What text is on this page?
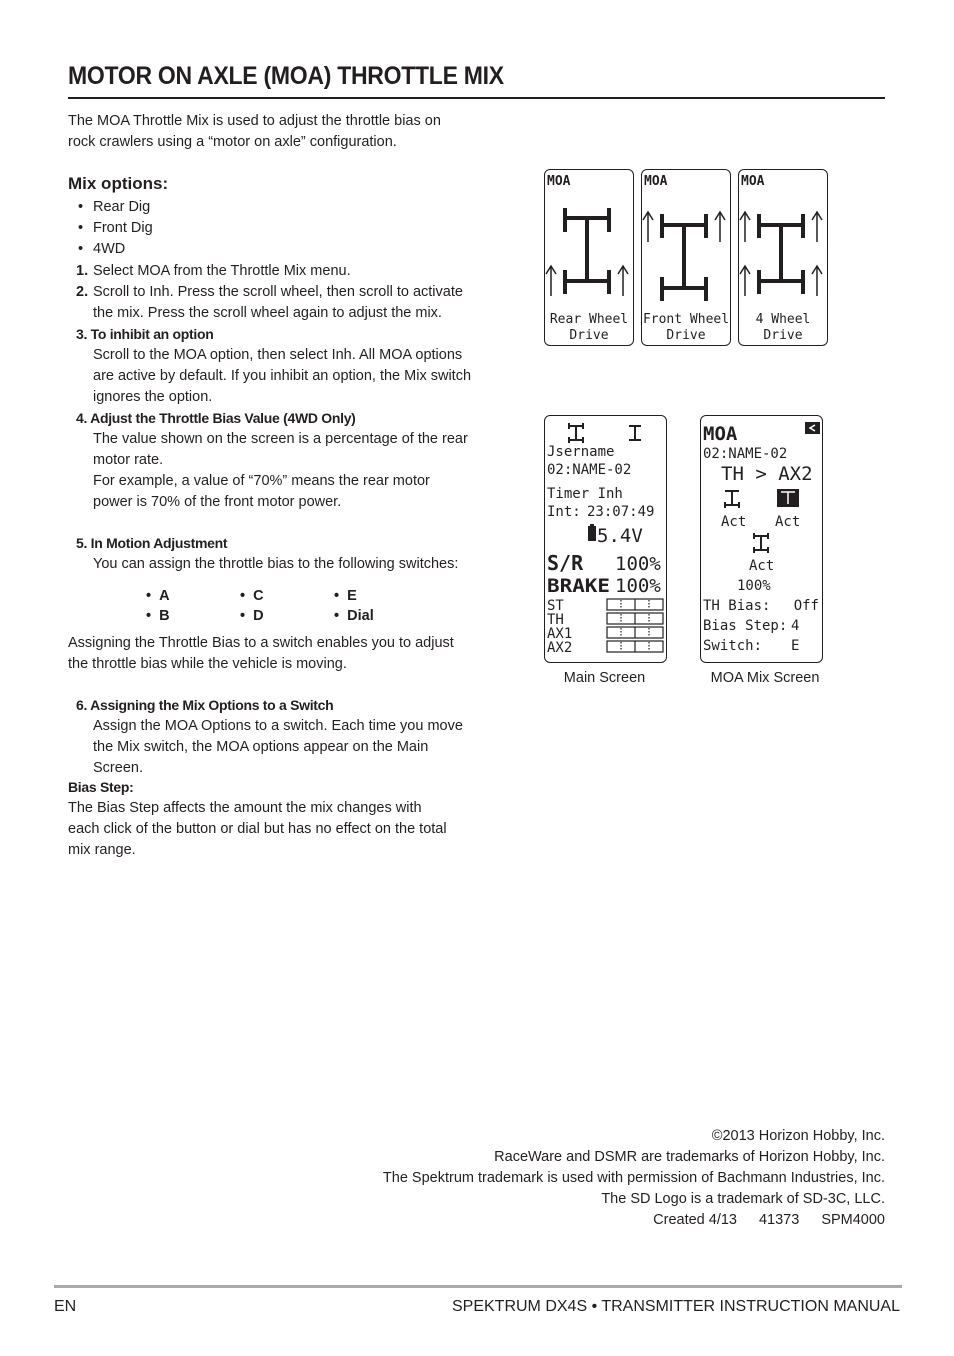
MOTOR ON AXLE (MOA) THROTTLE MIX
The MOA Throttle Mix is used to adjust the throttle bias on rock crawlers using a “motor on axle” configuration.
Mix options:
• Rear Dig
• Front Dig
• 4WD
1. Select MOA from the Throttle Mix menu.
2. Scroll to Inh. Press the scroll wheel, then scroll to activate the mix. Press the scroll wheel again to adjust the mix.
3. To inhibit an option
Scroll to the MOA option, then select Inh. All MOA options are active by default. If you inhibit an option, the Mix switch ignores the option.
4. Adjust the Throttle Bias Value (4WD Only)
The value shown on the screen is a percentage of the rear motor rate.
For example, a value of “70%” means the rear motor power is 70% of the front motor power.
5. In Motion Adjustment
You can assign the throttle bias to the following switches:
•  A
•  B
•  C
•  D
•  E
•  Dial
Assigning the Throttle Bias to a switch enables you to adjust the throttle bias while the vehicle is moving.
6. Assigning the Mix Options to a Switch
Assign the MOA Options to a switch. Each time you move the Mix switch, the MOA options appear on the Main Screen.
Bias Step:
The Bias Step affects the amount the mix changes with each click of the button or dial but has no effect on the total mix range.
MOA
Rear Wheel
Drive
MOA
Front Wheel
Drive
MOA
4 Wheel
Drive
Jsername
02:NAME-02
Timer Inh
Int: 23:07:49
5.4V
S/R 100%
BRAKE 100%
ST
TH
AX1
AX2
Main Screen
MOA
02:NAME-02
TH > AX2
Act Act
Act
100%
TH Bias: Off
Bias Step: 4
Switch: E
MOA Mix Screen
©2013 Horizon Hobby, Inc.
RaceWare and DSMR are trademarks of Horizon Hobby, Inc.
The Spektrum trademark is used with permission of Bachmann Industries, Inc.
The SD Logo is a trademark of SD-3C, LLC.
Created 4/13 41373 SPM4000
EN	SPEKTRUM DX4S • TRANSMITTER INSTRUCTION MANUAL
